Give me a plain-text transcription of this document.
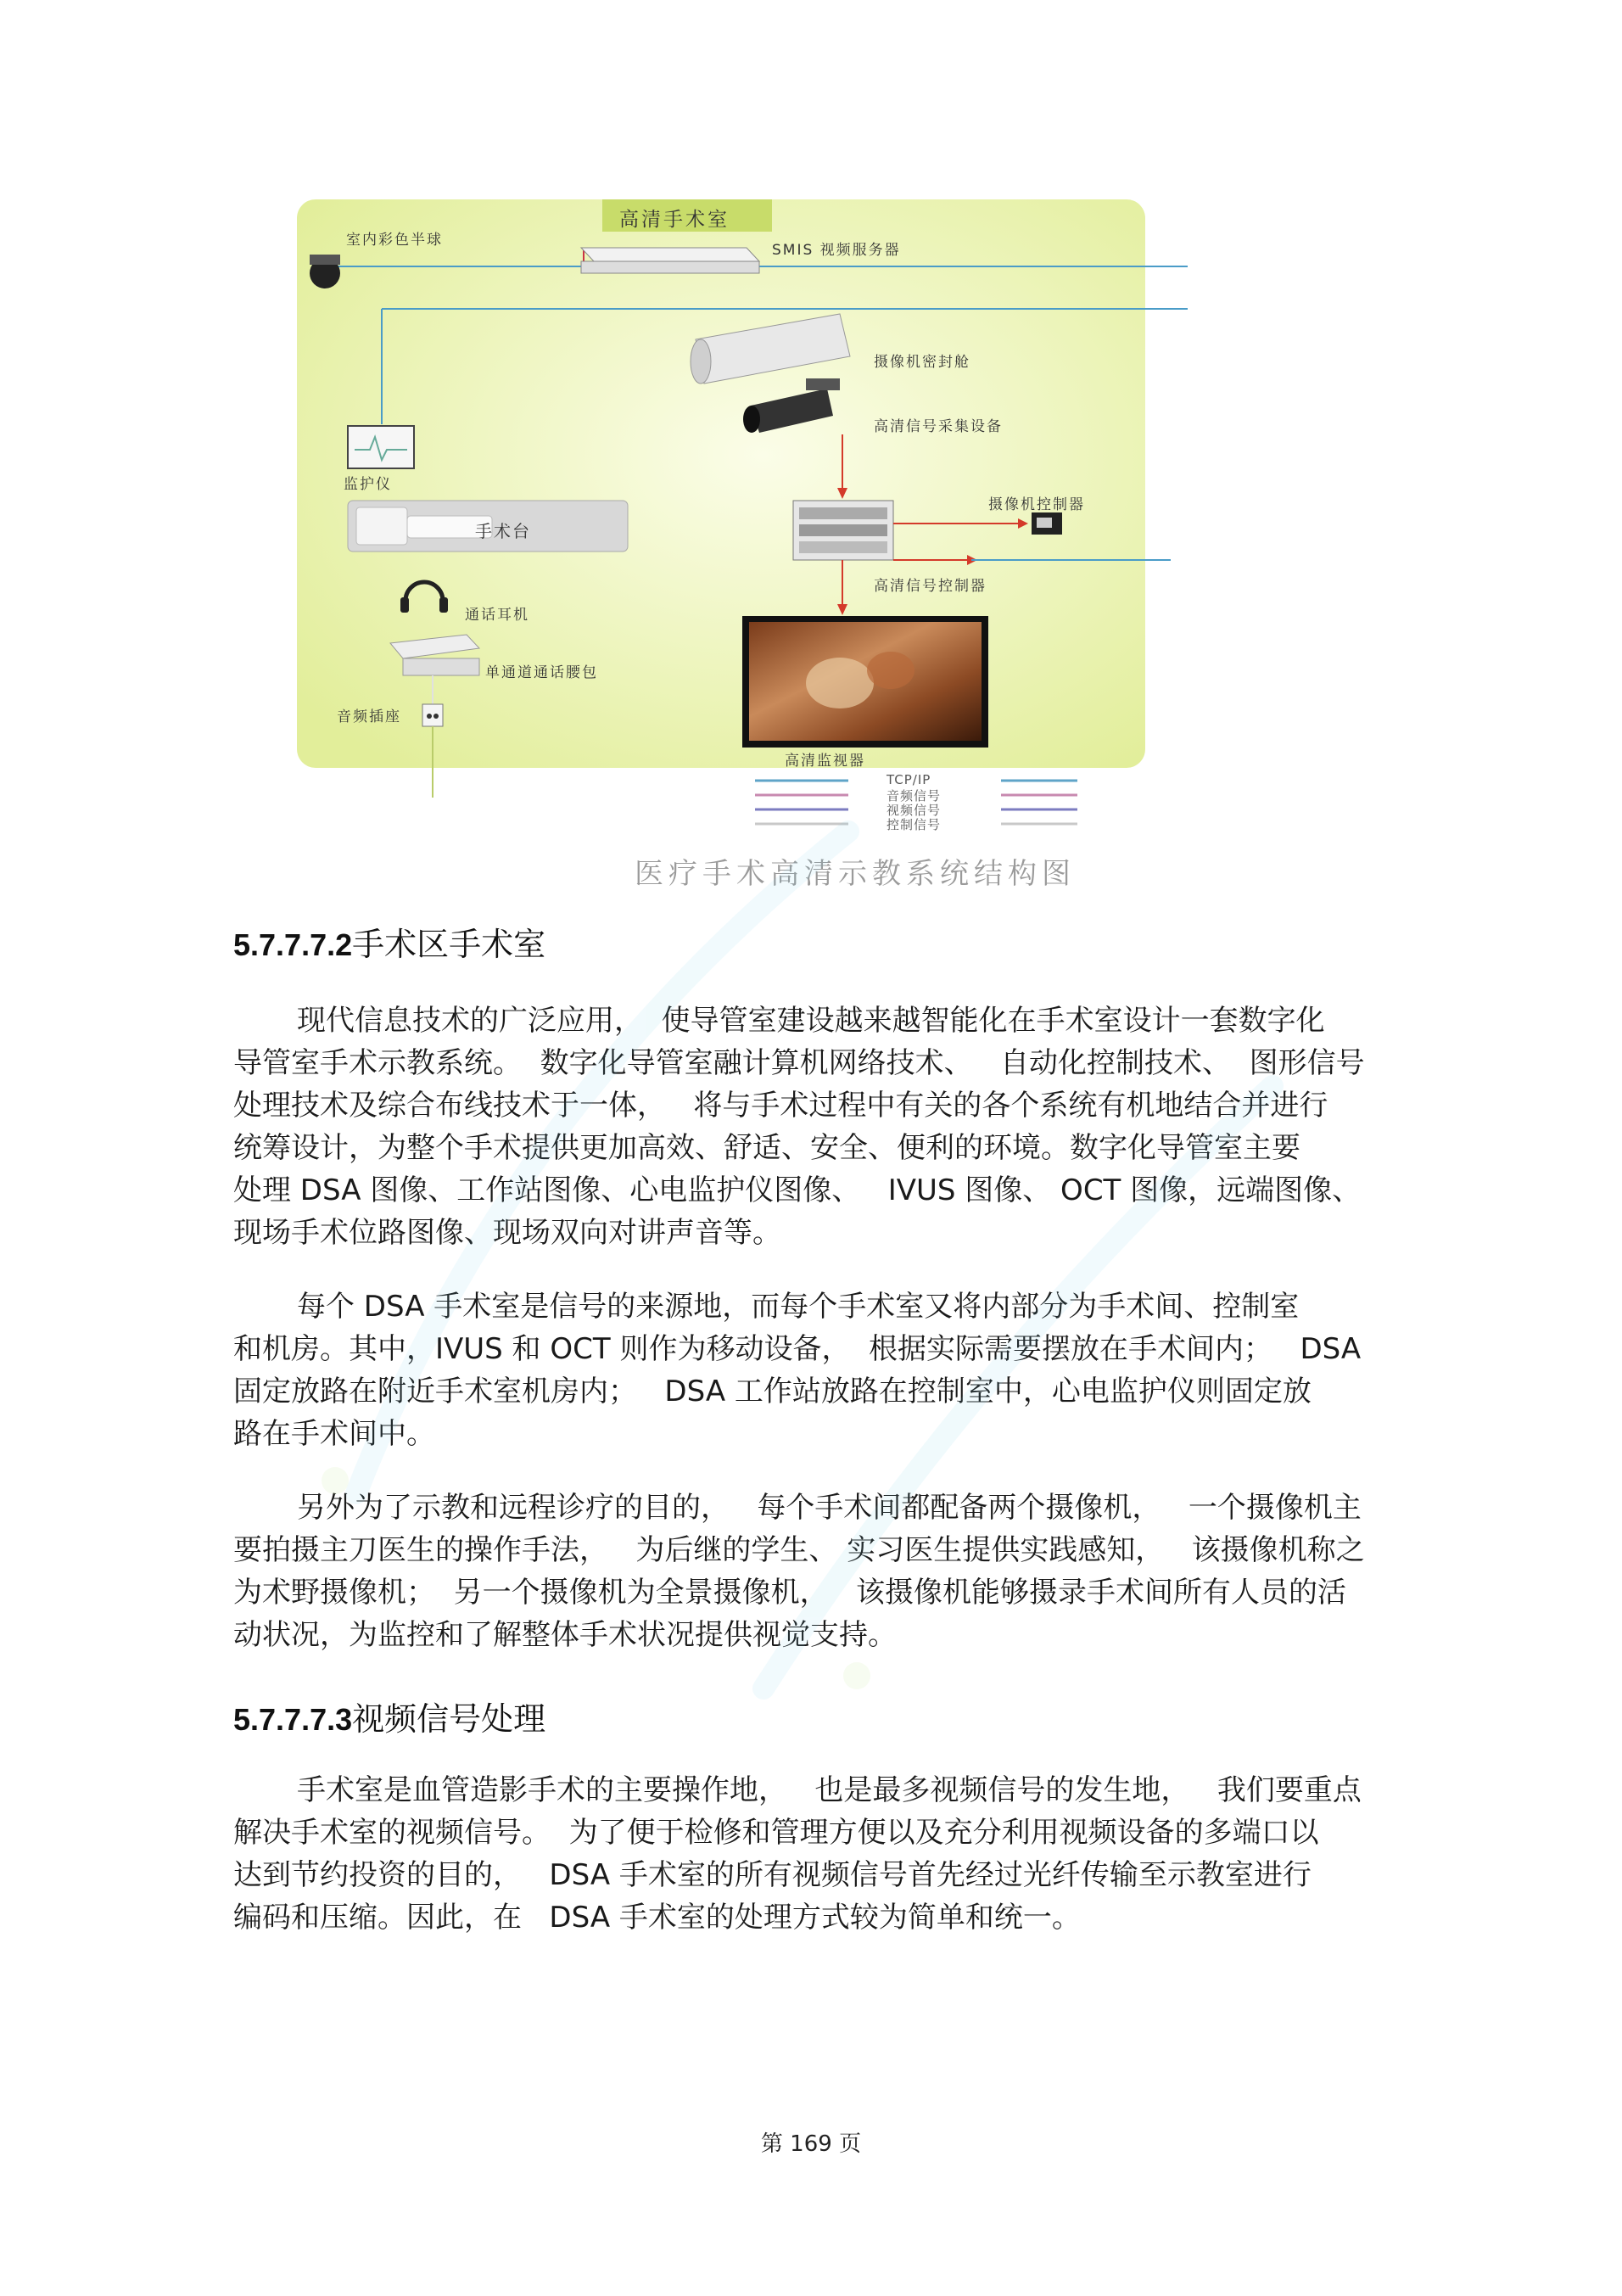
高清手术室
室内彩色半球
SMIS 视频服务器
摄像机密封舱
高清信号采集设备
监护仪
摄像机控制器
手术台
高清信号控制器
通话耳机
单通道通话腰包
音频插座
高清监视器
TCP/IP
音频信号
视频信号
控制信号
医疗手术高清示教系统结构图
5.7.7.7.2手术区手术室
现代信息技术的广泛应用，  使导管室建设越来越智能化在手术室设计一套数字化
导管室手术示教系统。  数字化导管室融计算机网络技术、   自动化控制技术、  图形信号
处理技术及综合布线技术于一体，   将与手术过程中有关的各个系统有机地结合并进行
统筹设计，为整个手术提供更加高效、舒适、安全、便利的环境。数字化导管室主要
处理 DSA 图像、工作站图像、心电监护仪图像、   IVUS 图像、 OCT 图像，远端图像、
现场手术位路图像、现场双向对讲声音等。
每个 DSA 手术室是信号的来源地，而每个手术室又将内部分为手术间、控制室
和机房。其中，IVUS 和 OCT 则作为移动设备，  根据实际需要摆放在手术间内；   DSA
固定放路在附近手术室机房内；   DSA 工作站放路在控制室中，心电监护仪则固定放
路在手术间中。
另外为了示教和远程诊疗的目的，   每个手术间都配备两个摄像机，   一个摄像机主
要拍摄主刀医生的操作手法，   为后继的学生、 实习医生提供实践感知，   该摄像机称之
为术野摄像机；  另一个摄像机为全景摄像机，   该摄像机能够摄录手术间所有人员的活
动状况，为监控和了解整体手术状况提供视觉支持。
5.7.7.7.3视频信号处理
手术室是血管造影手术的主要操作地，   也是最多视频信号的发生地，   我们要重点
解决手术室的视频信号。  为了便于检修和管理方便以及充分利用视频设备的多端口以
达到节约投资的目的，   DSA 手术室的所有视频信号首先经过光纤传输至示教室进行
编码和压缩。因此，在   DSA 手术室的处理方式较为简单和统一。
第 169 页
